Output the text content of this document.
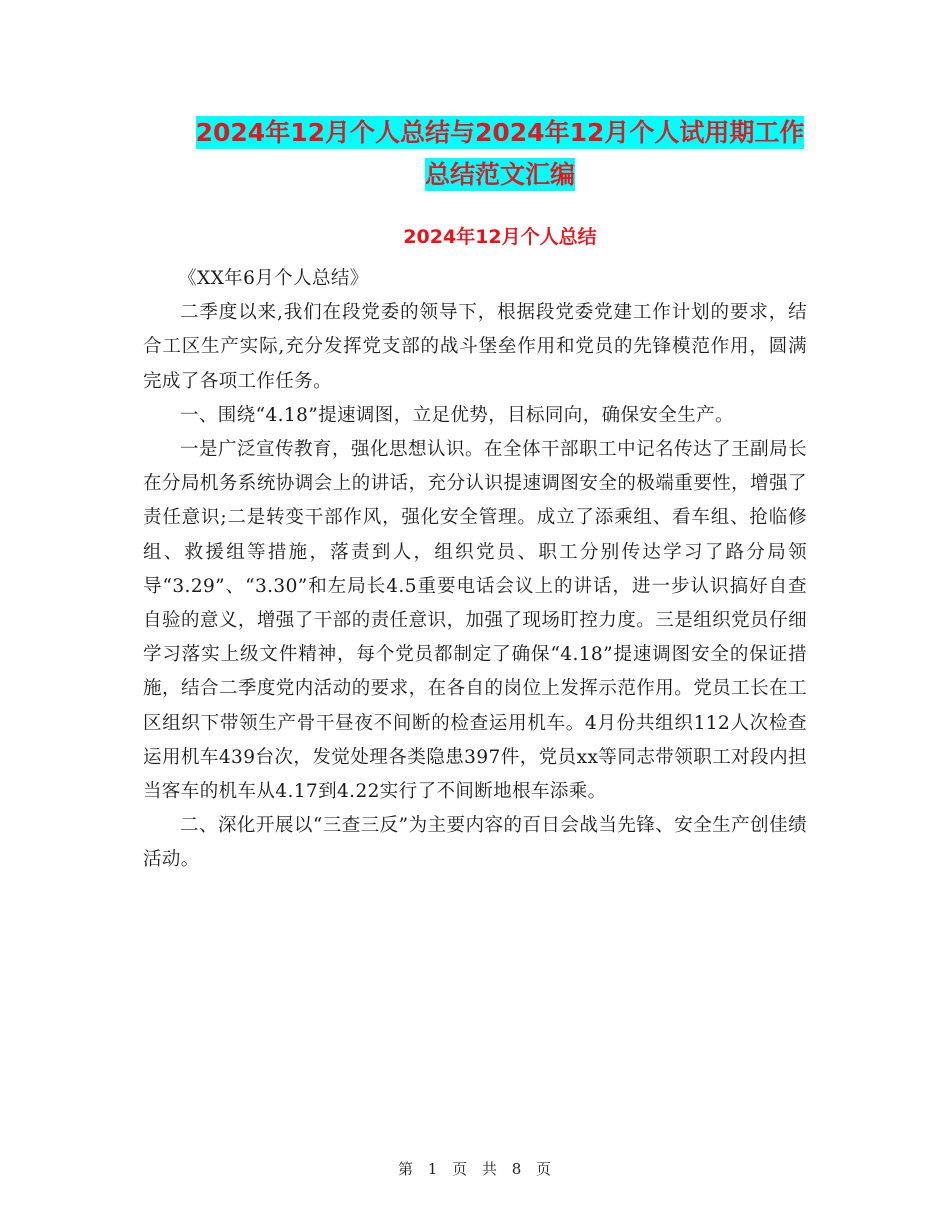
2024年12月个人总结与2024年12月个人试用期工作
总结范文汇编
2024年12月个人总结

《XX年6月个人总结》

二季度以来,我们在段党委的领导下，根据段党委党建工作计划的要求，结合工区生产实际,充分发挥党支部的战斗堡垒作用和党员的先锋模范作用，圆满完成了各项工作任务。

一、围绕“4.18”提速调图，立足优势，目标同向，确保安全生产。

一是广泛宣传教育，强化思想认识。在全体干部职工中记名传达了王副局长在分局机务系统协调会上的讲话，充分认识提速调图安全的极端重要性，增强了责任意识;二是转变干部作风，强化安全管理。成立了添乘组、看车组、抢临修组、救援组等措施，落责到人，组织党员、职工分别传达学习了路分局领导“3.29”、“3.30”和左局长4.5重要电话会议上的讲话，进一步认识搞好自查自验的意义，增强了干部的责任意识，加强了现场盯控力度。三是组织党员仔细学习落实上级文件精神，每个党员都制定了确保“4.18”提速调图安全的保证措施，结合二季度党内活动的要求，在各自的岗位上发挥示范作用。党员工长在工区组织下带领生产骨干昼夜不间断的检查运用机车。4月份共组织112人次检查运用机车439台次，发觉处理各类隐患397件，党员xx等同志带领职工对段内担当客车的机车从4.17到4.22实行了不间断地根车添乘。

二、深化开展以“三查三反”为主要内容的百日会战当先锋、安全生产创佳绩活动。

第 1 页 共 8 页
